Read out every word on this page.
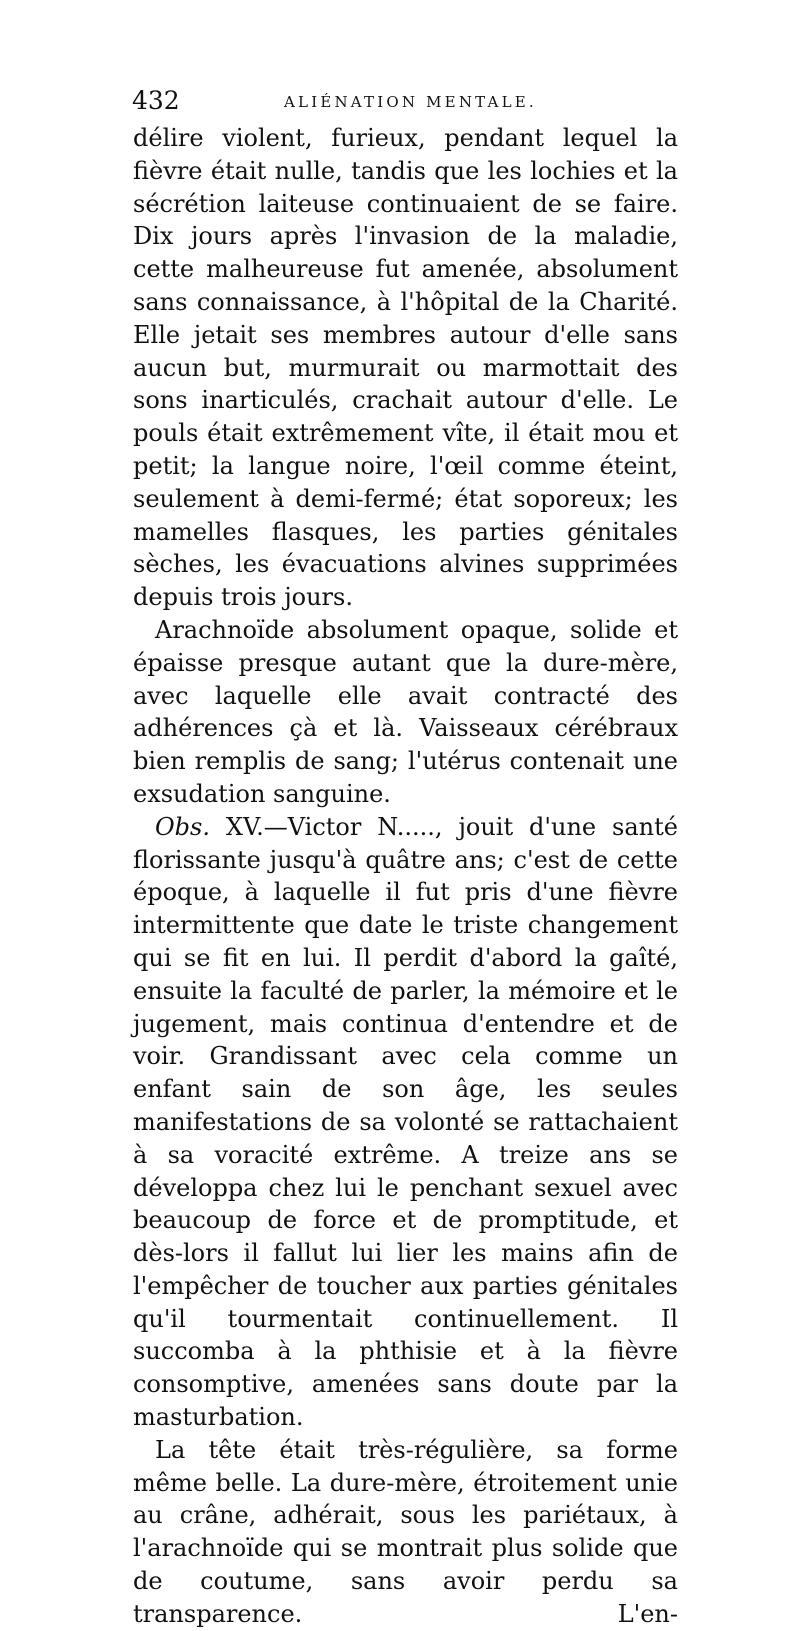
432	ALIÉNATION MENTALE.

délire violent, furieux, pendant lequel la fièvre était nulle, tandis que les lochies et la sécrétion laiteuse continuaient de se faire. Dix jours après l'invasion de la maladie, cette malheureuse fut amenée, absolument sans connaissance, à l'hôpital de la Charité. Elle jetait ses membres autour d'elle sans aucun but, murmurait ou marmottait des sons inarticulés, crachait autour d'elle. Le pouls était extrêmement vîte, il était mou et petit; la langue noire, l'œil comme éteint, seulement à demi-fermé; état soporeux; les mamelles flasques, les parties génitales sèches, les évacuations alvines supprimées depuis trois jours.

Arachnoïde absolument opaque, solide et épaisse presque autant que la dure-mère, avec laquelle elle avait contracté des adhérences çà et là. Vaisseaux cérébraux bien remplis de sang; l'utérus contenait une exsudation sanguine.

Obs. XV.—Victor N....., jouit d'une santé florissante jusqu'à quâtre ans; c'est de cette époque, à laquelle il fut pris d'une fièvre intermittente que date le triste changement qui se fit en lui. Il perdit d'abord la gaîté, ensuite la faculté de parler, la mémoire et le jugement, mais continua d'entendre et de voir. Grandissant avec cela comme un enfant sain de son âge, les seules manifestations de sa volonté se rattachaient à sa voracité extrême. A treize ans se développa chez lui le penchant sexuel avec beaucoup de force et de promptitude, et dès-lors il fallut lui lier les mains afin de l'empêcher de toucher aux parties génitales qu'il tourmentait continuellement. Il succomba à la phthisie et à la fièvre consomptive, amenées sans doute par la masturbation.

La tête était très-régulière, sa forme même belle. La dure-mère, étroitement unie au crâne, adhérait, sous les pariétaux, à l'arachnoïde qui se montrait plus solide que de coutume, sans avoir perdu sa transparence. L'en-
